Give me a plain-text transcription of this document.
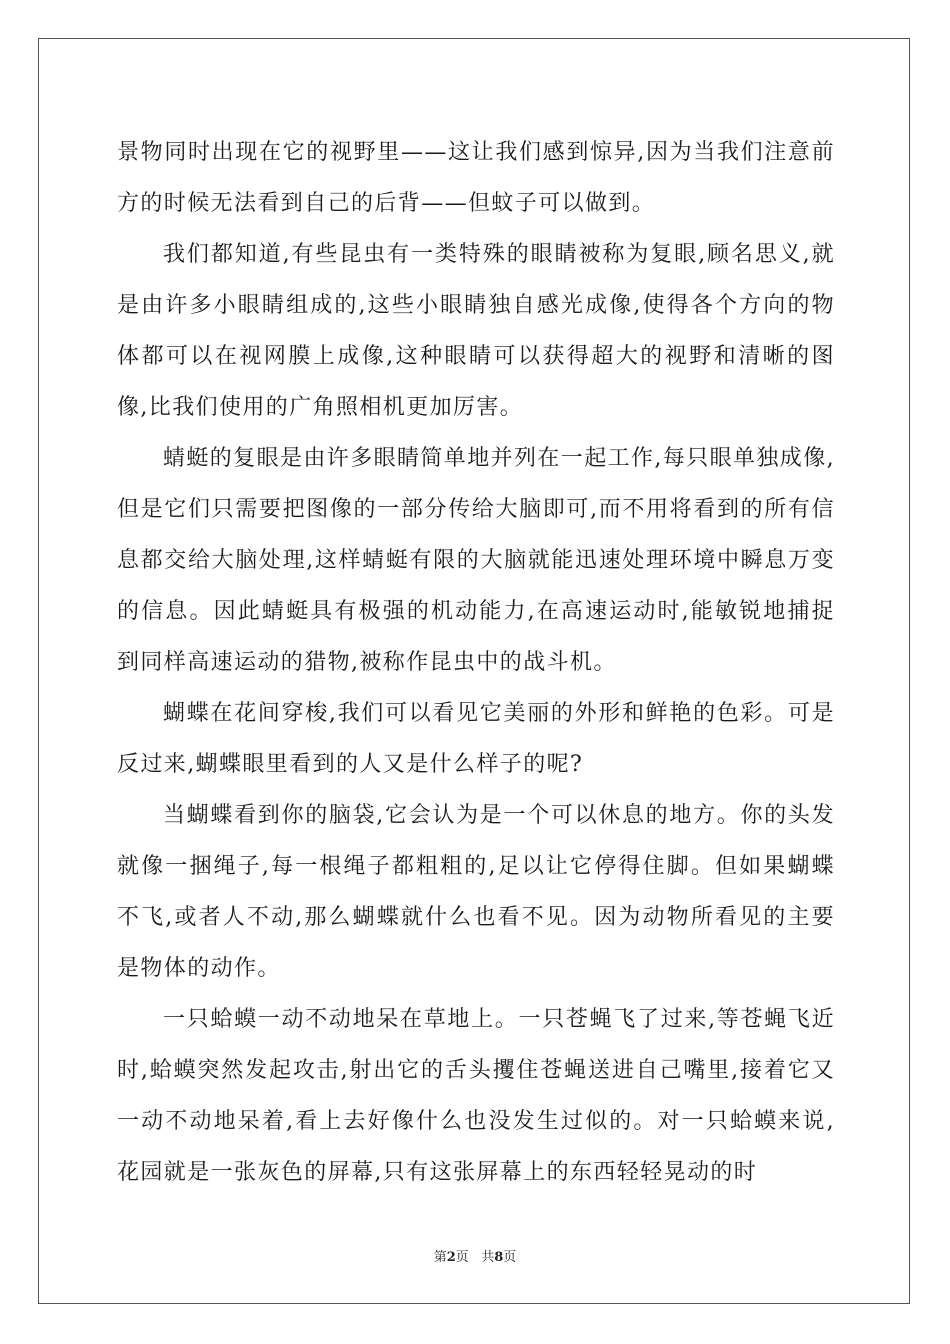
景物同时出现在它的视野里——这让我们感到惊异,因为当我们注意前方的时候无法看到自己的后背——但蚊子可以做到。

我们都知道,有些昆虫有一类特殊的眼睛被称为复眼,顾名思义,就是由许多小眼睛组成的,这些小眼睛独自感光成像,使得各个方向的物体都可以在视网膜上成像,这种眼睛可以获得超大的视野和清晰的图像,比我们使用的广角照相机更加厉害。

蜻蜓的复眼是由许多眼睛简单地并列在一起工作,每只眼单独成像,但是它们只需要把图像的一部分传给大脑即可,而不用将看到的所有信息都交给大脑处理,这样蜻蜓有限的大脑就能迅速处理环境中瞬息万变的信息。因此蜻蜓具有极强的机动能力,在高速运动时,能敏锐地捕捉到同样高速运动的猎物,被称作昆虫中的战斗机。

蝴蝶在花间穿梭,我们可以看见它美丽的外形和鲜艳的色彩。可是反过来,蝴蝶眼里看到的人又是什么样子的呢?

当蝴蝶看到你的脑袋,它会认为是一个可以休息的地方。你的头发就像一捆绳子,每一根绳子都粗粗的,足以让它停得住脚。但如果蝴蝶不飞,或者人不动,那么蝴蝶就什么也看不见。因为动物所看见的主要是物体的动作。

一只蛤蟆一动不动地呆在草地上。一只苍蝇飞了过来,等苍蝇飞近时,蛤蟆突然发起攻击,射出它的舌头攫住苍蝇送进自己嘴里,接着它又一动不动地呆着,看上去好像什么也没发生过似的。对一只蛤蟆来说,花园就是一张灰色的屏幕,只有这张屏幕上的东西轻轻晃动的时

第2页 共8页
